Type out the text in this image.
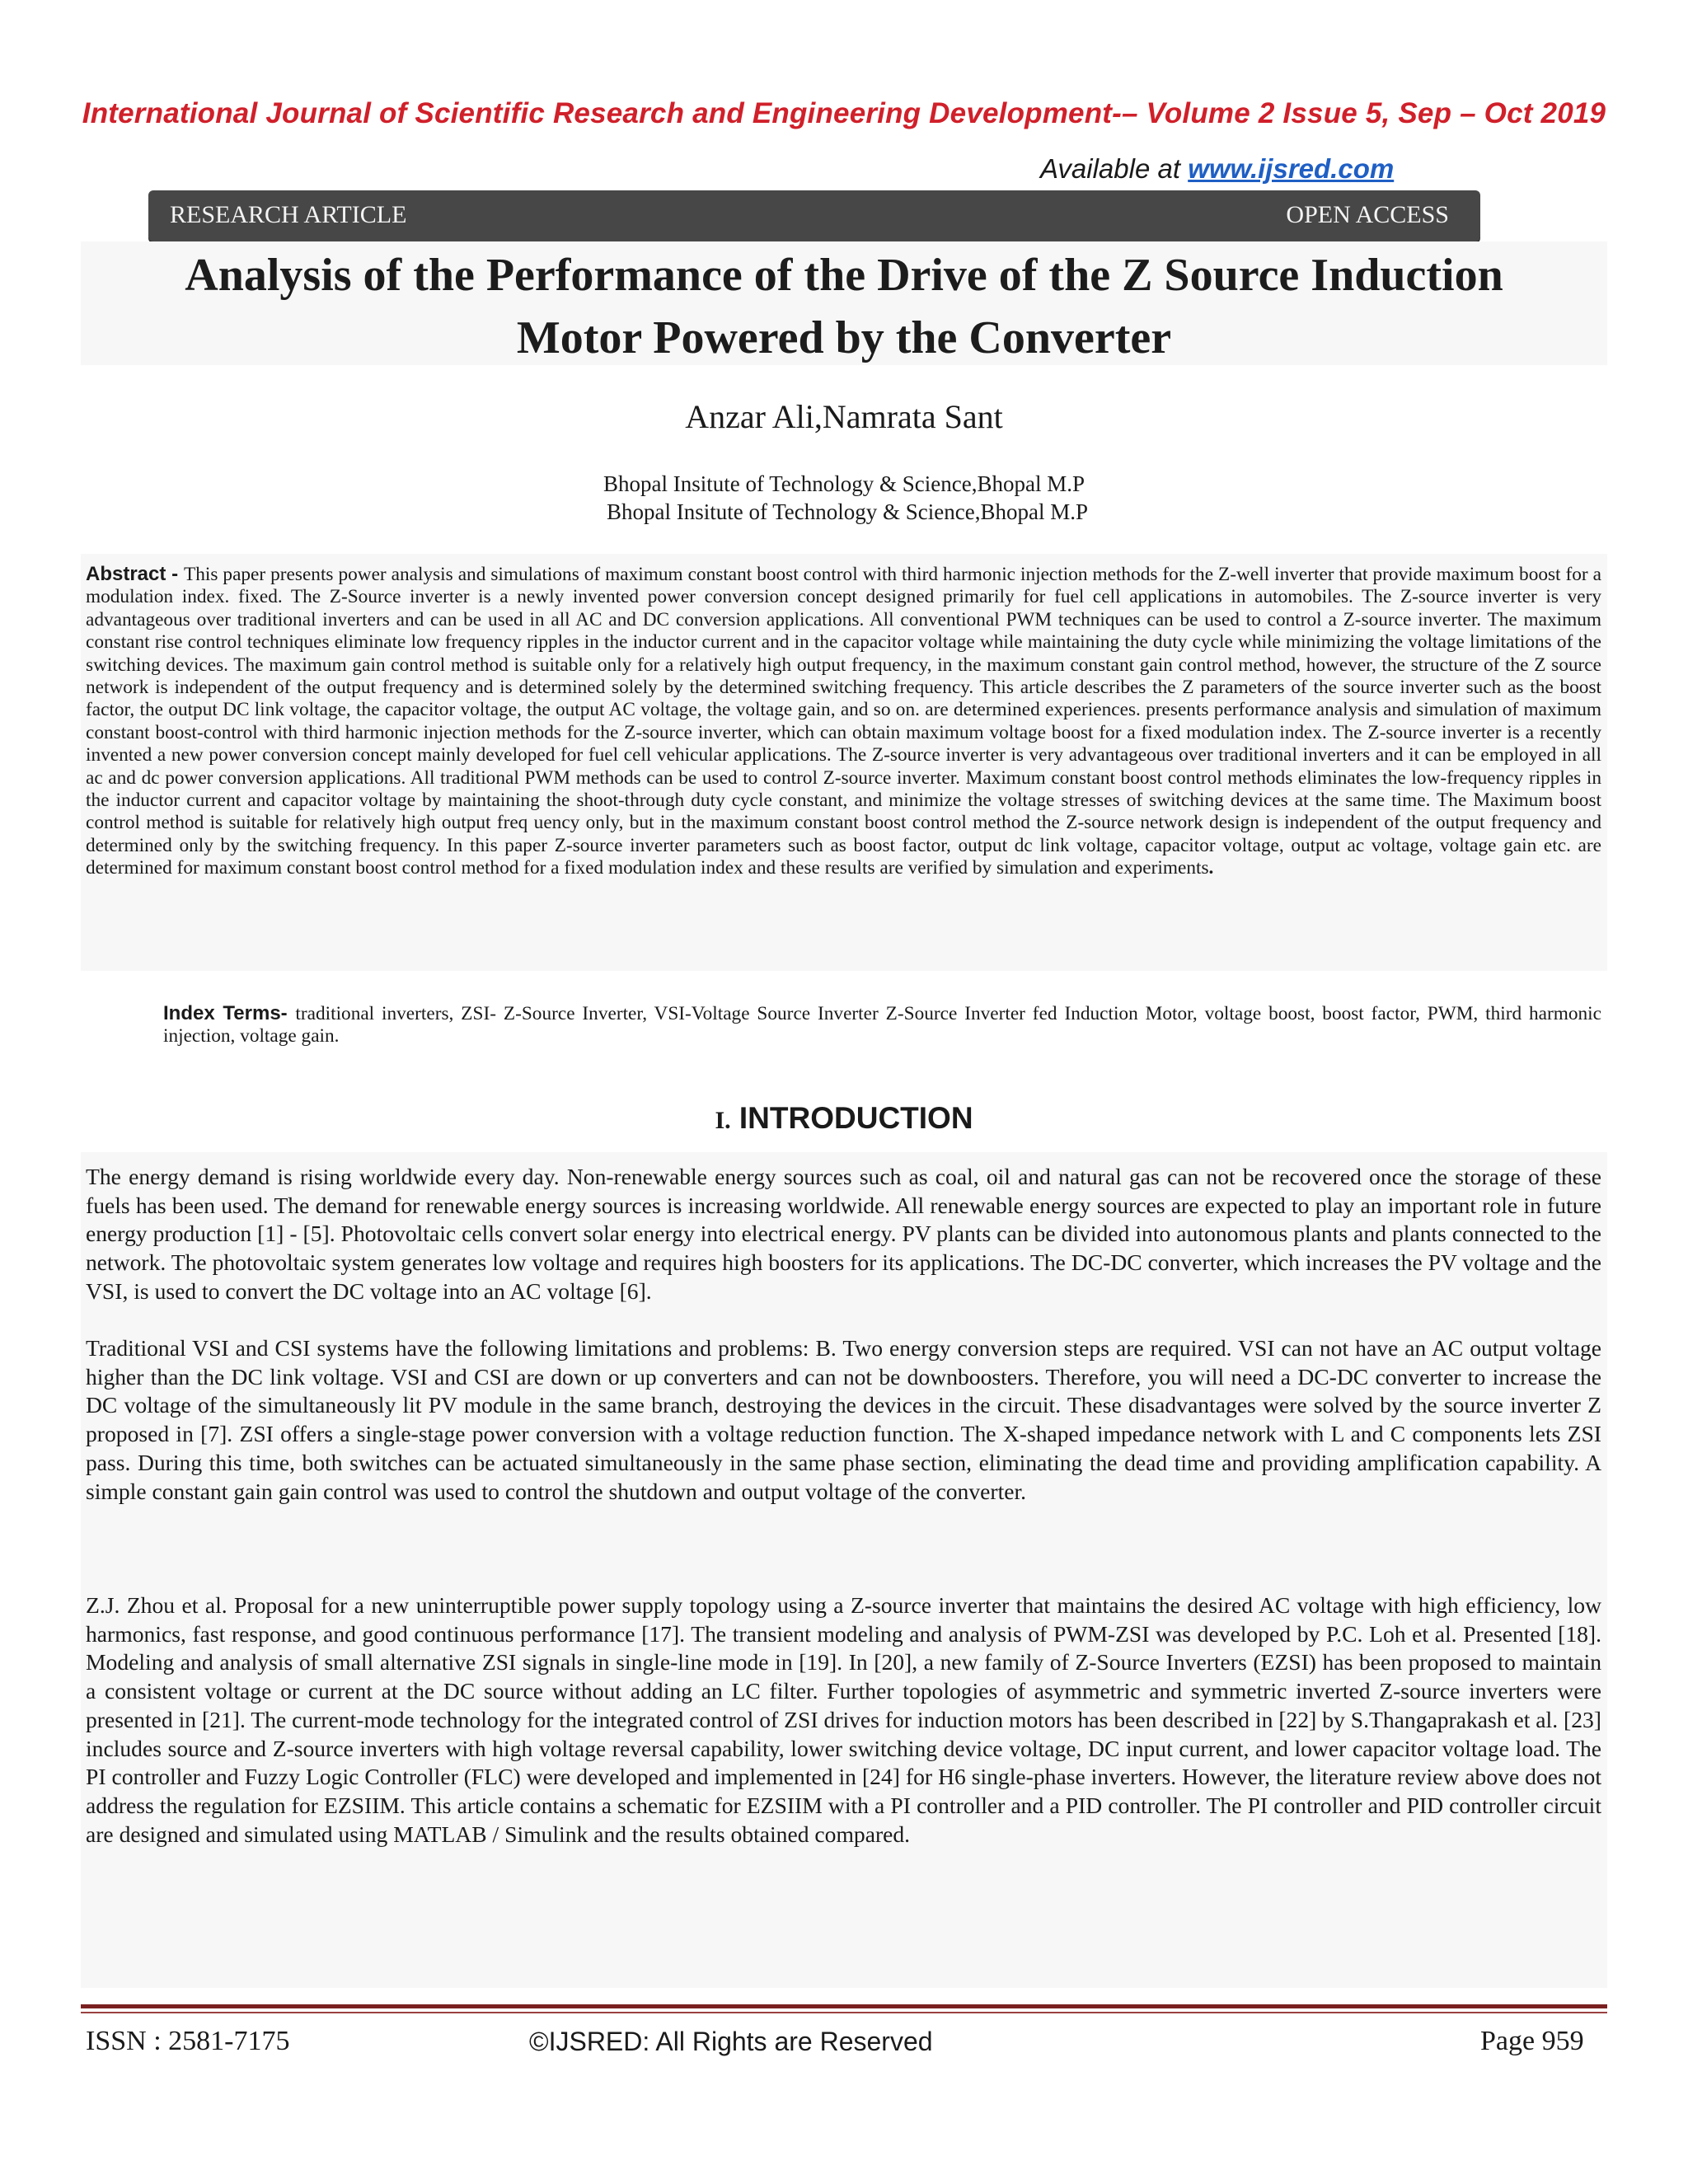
International Journal of Scientific Research and Engineering Development-– Volume 2 Issue 5, Sep – Oct 2019
Available at www.ijsred.com
RESEARCH ARTICLE	OPEN ACCESS
Analysis of the Performance of the Drive of the Z Source Induction
Motor Powered by the Converter
Anzar Ali,Namrata Sant
Bhopal Insitute of Technology & Science,Bhopal M.P
Bhopal Insitute of Technology & Science,Bhopal M.P
Abstract - This paper presents power analysis and simulations of maximum constant boost control with third harmonic injection methods for the Z-well inverter that provide maximum boost for a modulation index. fixed. The Z-Source inverter is a newly invented power conversion concept designed primarily for fuel cell applications in automobiles. The Z-source inverter is very advantageous over traditional inverters and can be used in all AC and DC conversion applications. All conventional PWM techniques can be used to control a Z-source inverter. The maximum constant rise control techniques eliminate low frequency ripples in the inductor current and in the capacitor voltage while maintaining the duty cycle while minimizing the voltage limitations of the switching devices. The maximum gain control method is suitable only for a relatively high output frequency, in the maximum constant gain control method, however, the structure of the Z source network is independent of the output frequency and is determined solely by the determined switching frequency. This article describes the Z parameters of the source inverter such as the boost factor, the output DC link voltage, the capacitor voltage, the output AC voltage, the voltage gain, and so on. are determined experiences. presents performance analysis and simulation of maximum constant boost-control with third harmonic injection methods for the Z-source inverter, which can obtain maximum voltage boost for a fixed modulation index. The Z-source inverter is a recently invented a new power conversion concept mainly developed for fuel cell vehicular applications. The Z-source inverter is very advantageous over traditional inverters and it can be employed in all ac and dc power conversion applications. All traditional PWM methods can be used to control Z-source inverter. Maximum constant boost control methods eliminates the low-frequency ripples in the inductor current and capacitor voltage by maintaining the shoot-through duty cycle constant, and minimize the voltage stresses of switching devices at the same time. The Maximum boost control method is suitable for relatively high output freq uency only, but in the maximum constant boost control method the Z-source network design is independent of the output frequency and determined only by the switching frequency. In this paper Z-source inverter parameters such as boost factor, output dc link voltage, capacitor voltage, output ac voltage, voltage gain etc. are determined for maximum constant boost control method for a fixed modulation index and these results are verified by simulation and experiments.
Index Terms- traditional inverters, ZSI- Z-Source Inverter, VSI-Voltage Source Inverter Z-Source Inverter fed Induction Motor, voltage boost, boost factor, PWM, third harmonic injection, voltage gain.
I. INTRODUCTION
The energy demand is rising worldwide every day. Non-renewable energy sources such as coal, oil and natural gas can not be recovered once the storage of these fuels has been used. The demand for renewable energy sources is increasing worldwide. All renewable energy sources are expected to play an important role in future energy production [1] - [5]. Photovoltaic cells convert solar energy into electrical energy. PV plants can be divided into autonomous plants and plants connected to the network. The photovoltaic system generates low voltage and requires high boosters for its applications. The DC-DC converter, which increases the PV voltage and the VSI, is used to convert the DC voltage into an AC voltage [6].
Traditional VSI and CSI systems have the following limitations and problems: B. Two energy conversion steps are required. VSI can not have an AC output voltage higher than the DC link voltage. VSI and CSI are down or up converters and can not be downboosters. Therefore, you will need a DC-DC converter to increase the DC voltage of the simultaneously lit PV module in the same branch, destroying the devices in the circuit. These disadvantages were solved by the source inverter Z proposed in [7]. ZSI offers a single-stage power conversion with a voltage reduction function. The X-shaped impedance network with L and C components lets ZSI pass. During this time, both switches can be actuated simultaneously in the same phase section, eliminating the dead time and providing amplification capability. A simple constant gain gain control was used to control the shutdown and output voltage of the converter.
Z.J. Zhou et al. Proposal for a new uninterruptible power supply topology using a Z-source inverter that maintains the desired AC voltage with high efficiency, low harmonics, fast response, and good continuous performance [17]. The transient modeling and analysis of PWM-ZSI was developed by P.C. Loh et al. Presented [18]. Modeling and analysis of small alternative ZSI signals in single-line mode in [19]. In [20], a new family of Z-Source Inverters (EZSI) has been proposed to maintain a consistent voltage or current at the DC source without adding an LC filter. Further topologies of asymmetric and symmetric inverted Z-source inverters were presented in [21]. The current-mode technology for the integrated control of ZSI drives for induction motors has been described in [22] by S.Thangaprakash et al. [23] includes source and Z-source inverters with high voltage reversal capability, lower switching device voltage, DC input current, and lower capacitor voltage load. The PI controller and Fuzzy Logic Controller (FLC) were developed and implemented in [24] for H6 single-phase inverters. However, the literature review above does not address the regulation for EZSIIM. This article contains a schematic for EZSIIM with a PI controller and a PID controller. The PI controller and PID controller circuit are designed and simulated using MATLAB / Simulink and the results obtained compared.
ISSN : 2581-7175	©IJSRED: All Rights are Reserved	Page 959
